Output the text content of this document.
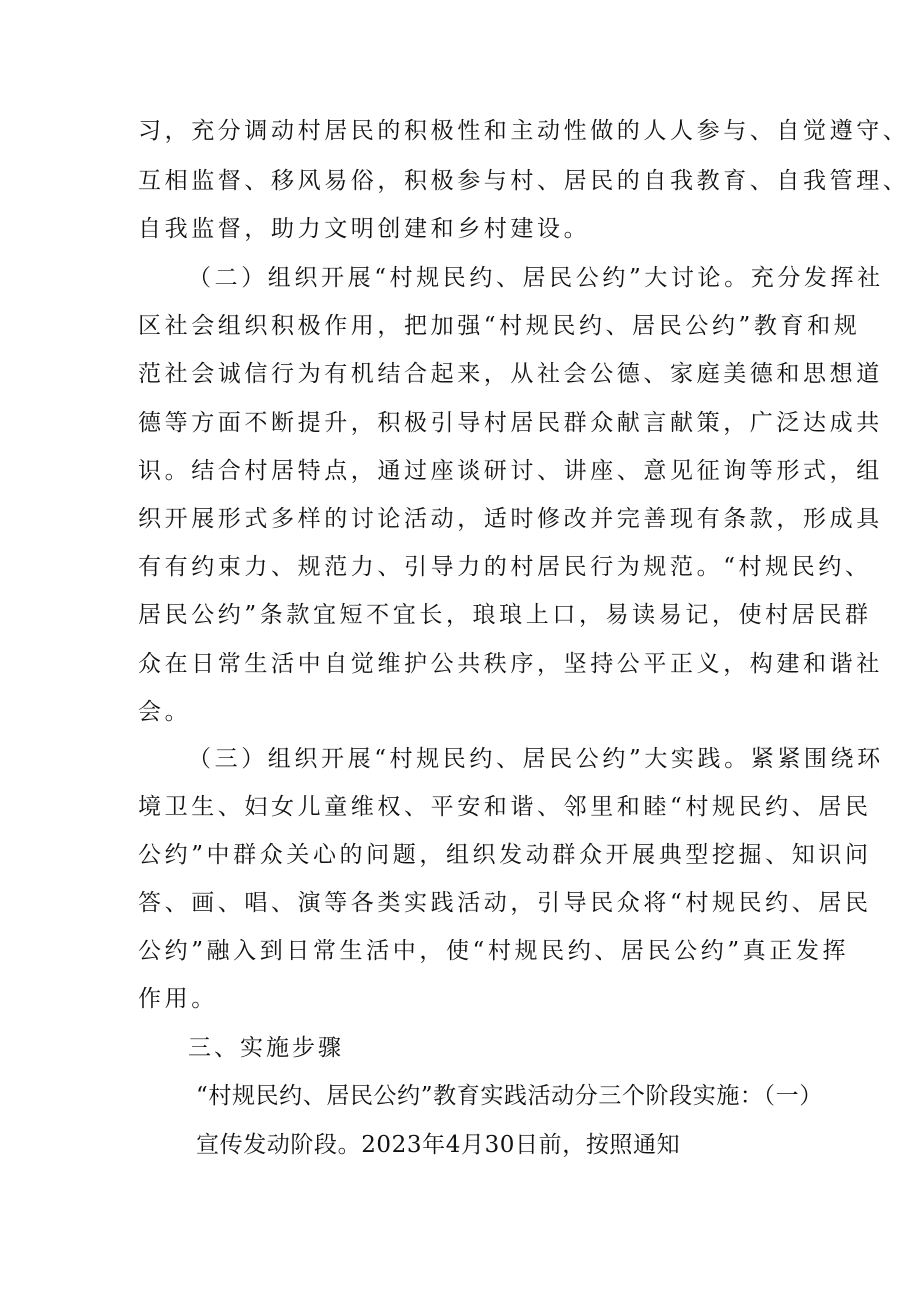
习，充分调动村居民的积极性和主动性做的人人参与、自觉遵守、
互相监督、移风易俗，积极参与村、居民的自我教育、自我管理、
自我监督，助力文明创建和乡村建设。
（二）组织开展“村规民约、居民公约”大讨论。充分发挥社
区社会组织积极作用，把加强“村规民约、居民公约”教育和规
范社会诚信行为有机结合起来，从社会公德、家庭美德和思想道
德等方面不断提升，积极引导村居民群众献言献策，广泛达成共
识。结合村居特点，通过座谈研讨、讲座、意见征询等形式，组
织开展形式多样的讨论活动，适时修改并完善现有条款，形成具
有有约束力、规范力、引导力的村居民行为规范。“村规民约、
居民公约”条款宜短不宜长，琅琅上口，易读易记，使村居民群
众在日常生活中自觉维护公共秩序，坚持公平正义，构建和谐社
会。
（三）组织开展“村规民约、居民公约”大实践。紧紧围绕环
境卫生、妇女儿童维权、平安和谐、邻里和睦“村规民约、居民
公约”中群众关心的问题，组织发动群众开展典型挖掘、知识问
答、画、唱、演等各类实践活动，引导民众将“村规民约、居民
公约”融入到日常生活中，使“村规民约、居民公约”真正发挥
作用。
三、实施步骤
“村规民约、居民公约”教育实践活动分三个阶段实施：（一）
宣传发动阶段。2023年4月30日前，按照通知
